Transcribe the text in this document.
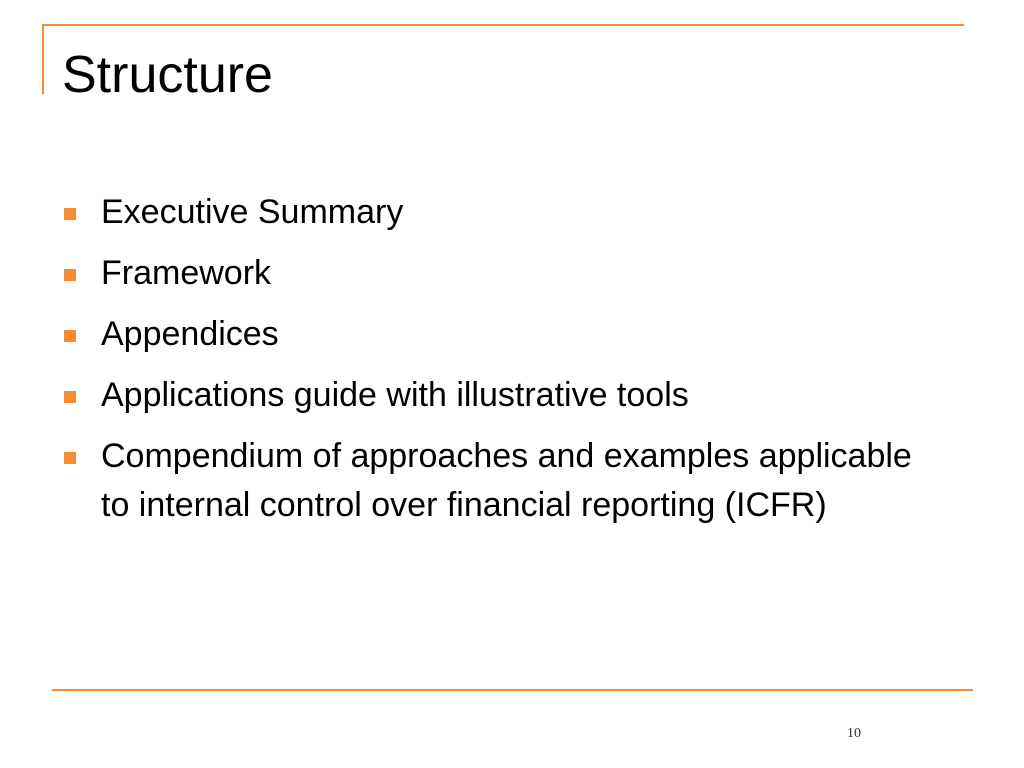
Structure
Executive Summary
Framework
Appendices
Applications guide with illustrative tools
Compendium of approaches and examples applicable to internal control over financial reporting (ICFR)
10
